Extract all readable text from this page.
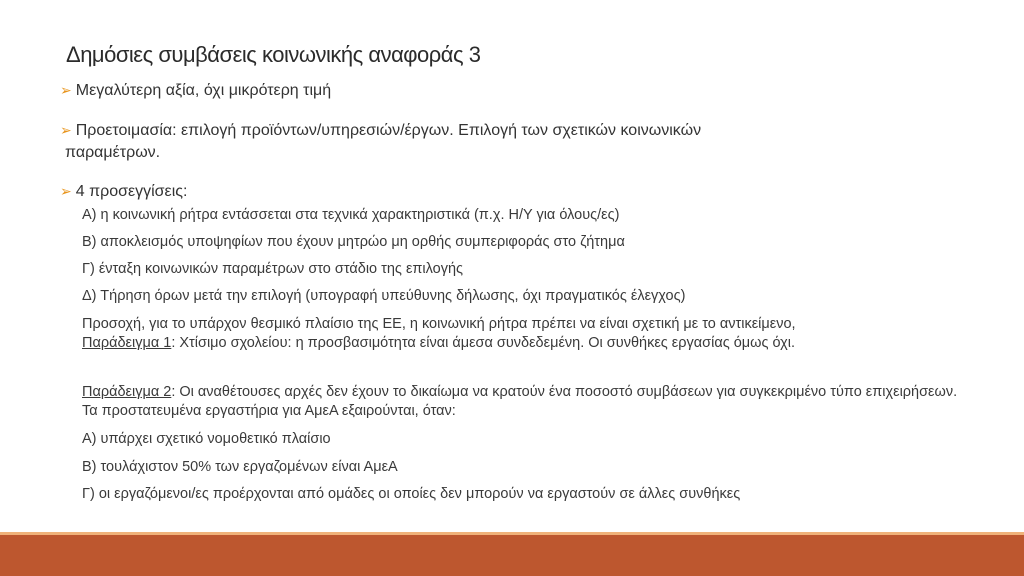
Δημόσιες συμβάσεις κοινωνικής αναφοράς 3
➢ Μεγαλύτερη αξία, όχι μικρότερη τιμή
➢ Προετοιμασία: επιλογή προϊόντων/υπηρεσιών/έργων. Επιλογή των σχετικών κοινωνικών
παραμέτρων.
➢ 4 προσεγγίσεις:
Α) η κοινωνική ρήτρα εντάσσεται στα τεχνικά χαρακτηριστικά (π.χ. Η/Υ για όλους/ες)
Β) αποκλεισμός υποψηφίων που έχουν μητρώο μη ορθής συμπεριφοράς στο ζήτημα
Γ) ένταξη κοινωνικών παραμέτρων στο στάδιο της επιλογής
Δ) Τήρηση όρων μετά την επιλογή (υπογραφή υπεύθυνης δήλωσης, όχι πραγματικός έλεγχος)
Προσοχή, για το υπάρχον θεσμικό πλαίσιο της ΕΕ, η κοινωνική ρήτρα πρέπει να είναι σχετική με το αντικείμενο,
Παράδειγμα 1: Χτίσιμο σχολείου: η προσβασιμότητα είναι άμεσα συνδεδεμένη. Οι συνθήκες εργασίας όμως όχι.
Παράδειγμα 2: Οι αναθέτουσες αρχές δεν έχουν το δικαίωμα να κρατούν ένα ποσοστό συμβάσεων για συγκεκριμένο τύπο επιχειρήσεων. Τα προστατευμένα εργαστήρια για ΑμεΑ εξαιρούνται, όταν:
Α) υπάρχει σχετικό νομοθετικό πλαίσιο
Β) τουλάχιστον 50% των εργαζομένων είναι ΑμεΑ
Γ) οι εργαζόμενοι/ες προέρχονται από ομάδες οι οποίες δεν μπορούν να εργαστούν σε άλλες συνθήκες
